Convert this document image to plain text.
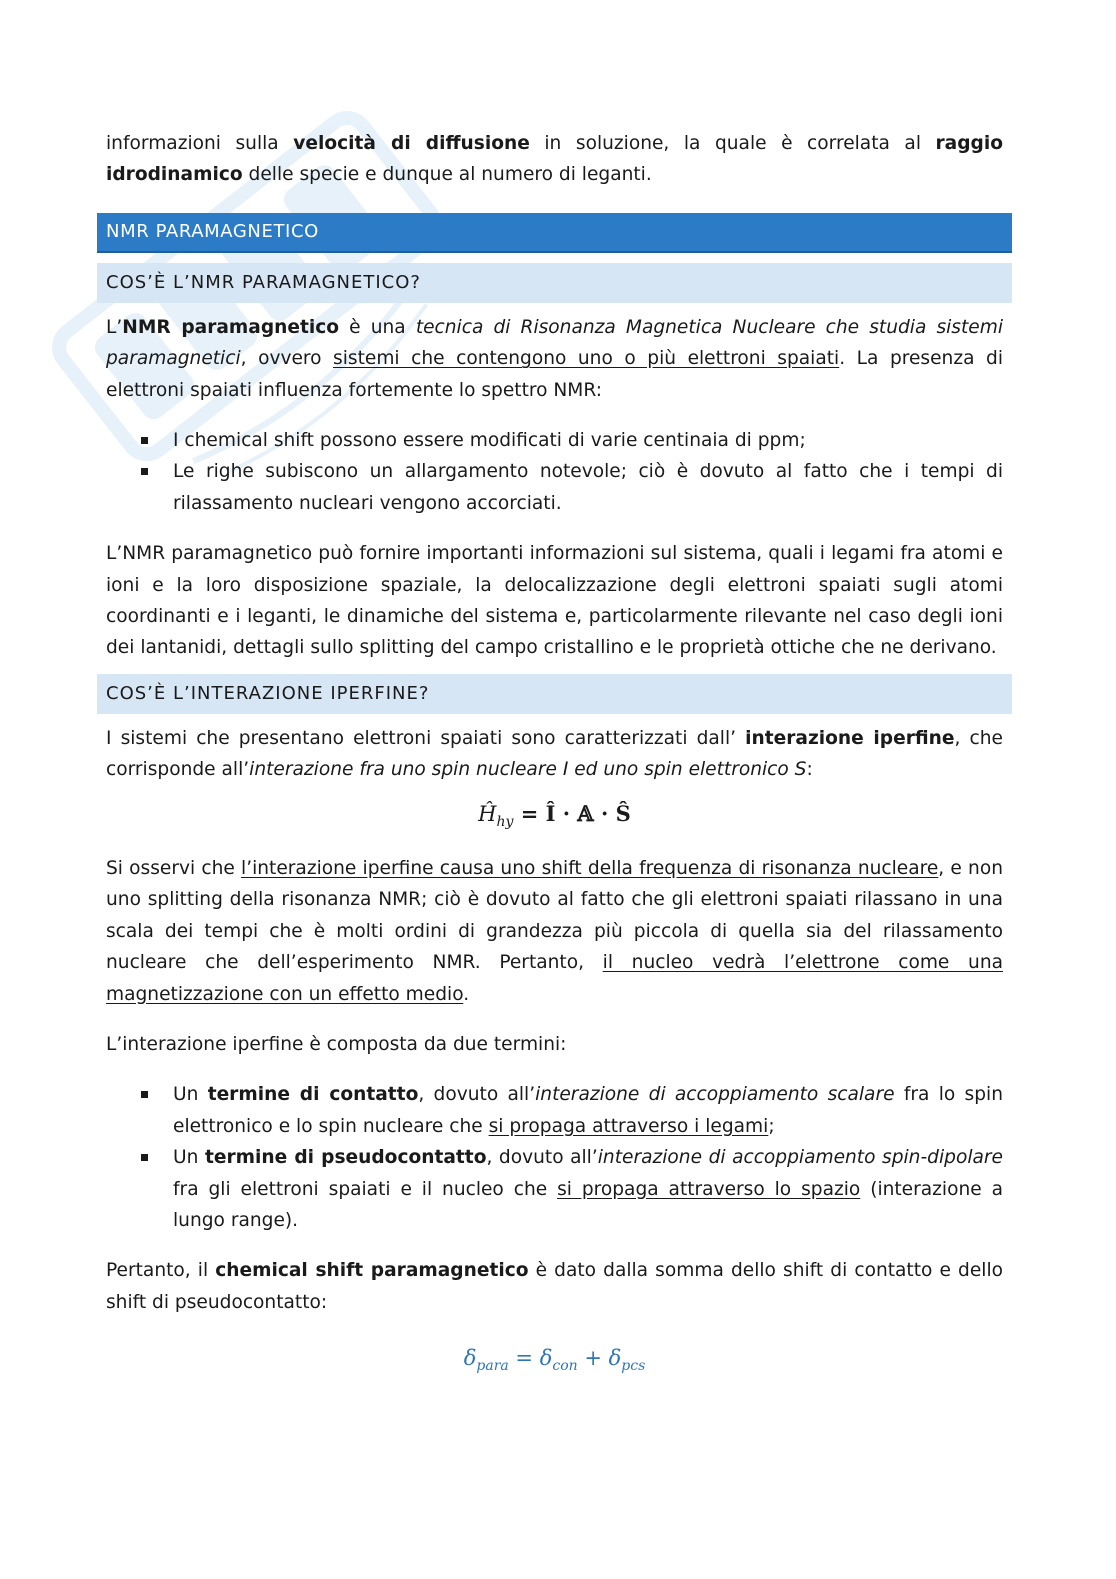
informazioni sulla velocità di diffusione in soluzione, la quale è correlata al raggio idrodinamico delle specie e dunque al numero di leganti.

NMR PARAMAGNETICO
COS’È L’NMR PARAMAGNETICO?

L’NMR paramagnetico è una tecnica di Risonanza Magnetica Nucleare che studia sistemi paramagnetici, ovvero sistemi che contengono uno o più elettroni spaiati. La presenza di elettroni spaiati influenza fortemente lo spettro NMR:

I chemical shift possono essere modificati di varie centinaia di ppm;
Le righe subiscono un allargamento notevole; ciò è dovuto al fatto che i tempi di rilassamento nucleari vengono accorciati.

L’NMR paramagnetico può fornire importanti informazioni sul sistema, quali i legami fra atomi e ioni e la loro disposizione spaziale, la delocalizzazione degli elettroni spaiati sugli atomi coordinanti e i leganti, le dinamiche del sistema e, particolarmente rilevante nel caso degli ioni dei lantanidi, dettagli sullo splitting del campo cristallino e le proprietà ottiche che ne derivano.

COS’È L’INTERAZIONE IPERFINE?

I sistemi che presentano elettroni spaiati sono caratterizzati dall’ interazione iperfine, che corrisponde all’interazione fra uno spin nucleare I ed uno spin elettronico S:

$Ĥ_{hy}$ = Î · 𝔸 · Ŝ

Si osservi che l’interazione iperfine causa uno shift della frequenza di risonanza nucleare, e non uno splitting della risonanza NMR; ciò è dovuto al fatto che gli elettroni spaiati rilassano in una scala dei tempi che è molti ordini di grandezza più piccola di quella sia del rilassamento nucleare che dell’esperimento NMR. Pertanto, il nucleo vedrà l’elettrone come una magnetizzazione con un effetto medio.

L’interazione iperfine è composta da due termini:

Un termine di contatto, dovuto all’interazione di accoppiamento scalare fra lo spin elettronico e lo spin nucleare che si propaga attraverso i legami;
Un termine di pseudocontatto, dovuto all’interazione di accoppiamento spin-dipolare fra gli elettroni spaiati e il nucleo che si propaga attraverso lo spazio (interazione a lungo range).

Pertanto, il chemical shift paramagnetico è dato dalla somma dello shift di contatto e dello shift di pseudocontatto:

$\delta_{para} = \delta_{con} + \delta_{pcs}$
